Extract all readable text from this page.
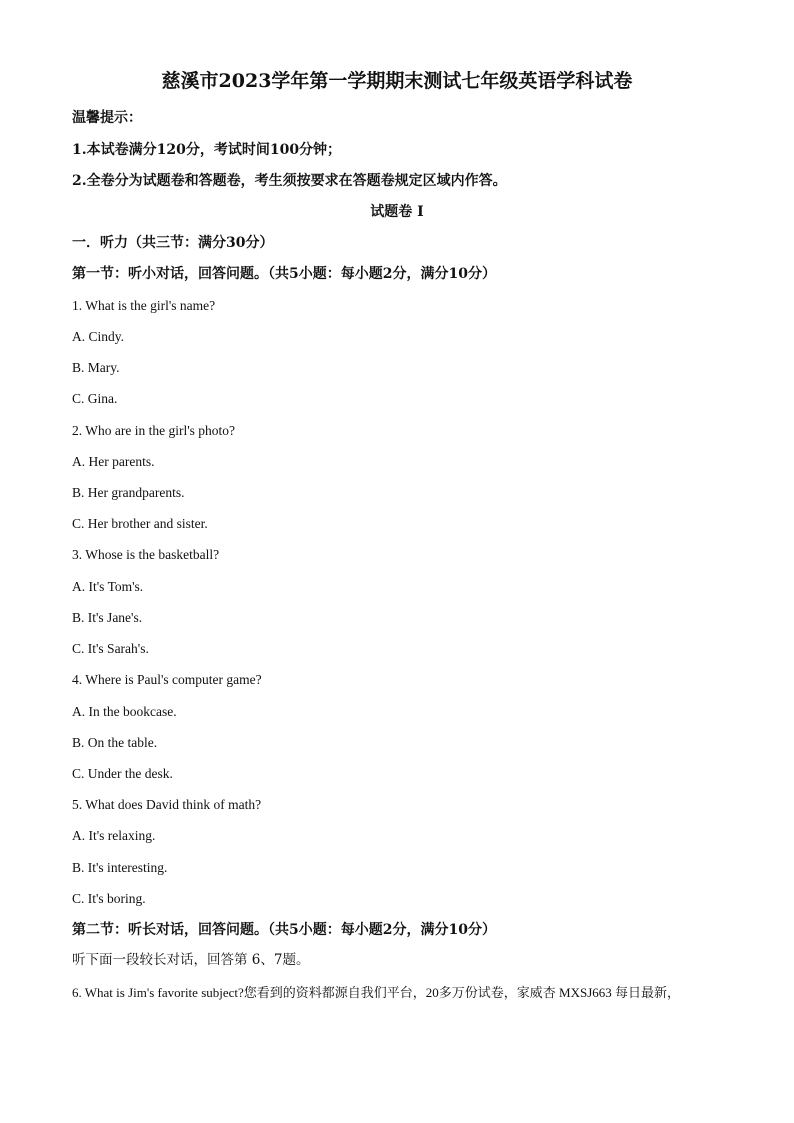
慈溪市2023学年第一学期期末测试七年级英语学科试卷
温馨提示：
1.本试卷满分120分，考试时间100分钟；
2.全卷分为试题卷和答题卷，考生须按要求在答题卷规定区域内作答。
试题卷 I
一．听力（共三节：满分30分）
第一节：听小对话，回答问题。（共5小题：每小题2分，满分10分）
1. What is the girl's name?
A. Cindy.
B. Mary.
C. Gina.
2. Who are in the girl's photo?
A. Her parents.
B. Her grandparents.
C. Her brother and sister.
3. Whose is the basketball?
A. It's Tom's.
B. It's Jane's.
C. It's Sarah's.
4. Where is Paul's computer game?
A. In the bookcase.
B. On the table.
C. Under the desk.
5. What does David think of math?
A. It's relaxing.
B. It's interesting.
C. It's boring.
第二节：听长对话，回答问题。（共5小题：每小题2分，满分10分）
听下面一段较长对话，回答第 6、7题。
6. What is Jim's favorite subject?您看到的资料都源自我们平台，20多万份试卷，家威杏 MXSJ663 每日最新，
